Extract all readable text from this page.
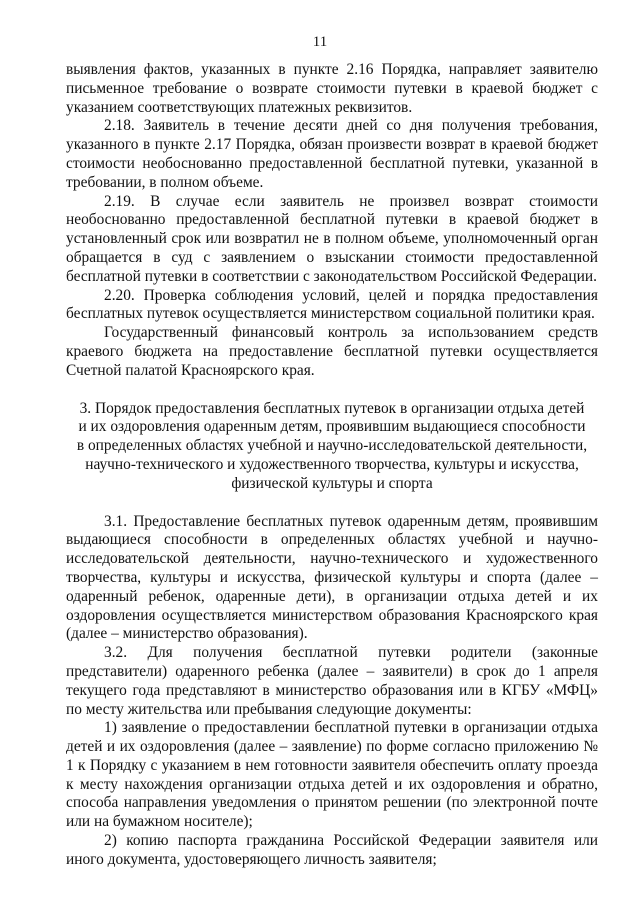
11

выявления фактов, указанных в пункте 2.16 Порядка, направляет заявителю письменное требование о возврате стоимости путевки в краевой бюджет с указанием соответствующих платежных реквизитов.

2.18. Заявитель в течение десяти дней со дня получения требования, указанного в пункте 2.17 Порядка, обязан произвести возврат в краевой бюджет стоимости необоснованно предоставленной бесплатной путевки, указанной в требовании, в полном объеме.

2.19. В случае если заявитель не произвел возврат стоимости необоснованно предоставленной бесплатной путевки в краевой бюджет в установленный срок или возвратил не в полном объеме, уполномоченный орган обращается в суд с заявлением о взыскании стоимости предоставленной бесплатной путевки в соответствии с законодательством Российской Федерации.

2.20. Проверка соблюдения условий, целей и порядка предоставления бесплатных путевок осуществляется министерством социальной политики края.

Государственный финансовый контроль за использованием средств краевого бюджета на предоставление бесплатной путевки осуществляется Счетной палатой Красноярского края.

3. Порядок предоставления бесплатных путевок в организации отдыха детей
и их оздоровления одаренным детям, проявившим выдающиеся способности
в определенных областях учебной и научно-исследовательской деятельности,
научно-технического и художественного творчества, культуры и искусства,
физической культуры и спорта

3.1. Предоставление бесплатных путевок одаренным детям, проявившим выдающиеся способности в определенных областях учебной и научно-исследовательской деятельности, научно-технического и художественного творчества, культуры и искусства, физической культуры и спорта (далее – одаренный ребенок, одаренные дети), в организации отдыха детей и их оздоровления осуществляется министерством образования Красноярского края (далее – министерство образования).

3.2. Для получения бесплатной путевки родители (законные представители) одаренного ребенка (далее – заявители) в срок до 1 апреля текущего года представляют в министерство образования или в КГБУ «МФЦ» по месту жительства или пребывания следующие документы:

1) заявление о предоставлении бесплатной путевки в организации отдыха детей и их оздоровления (далее – заявление) по форме согласно приложению № 1 к Порядку с указанием в нем готовности заявителя обеспечить оплату проезда к месту нахождения организации отдыха детей и их оздоровления и обратно, способа направления уведомления о принятом решении (по электронной почте или на бумажном носителе);

2) копию паспорта гражданина Российской Федерации заявителя или иного документа, удостоверяющего личность заявителя;
